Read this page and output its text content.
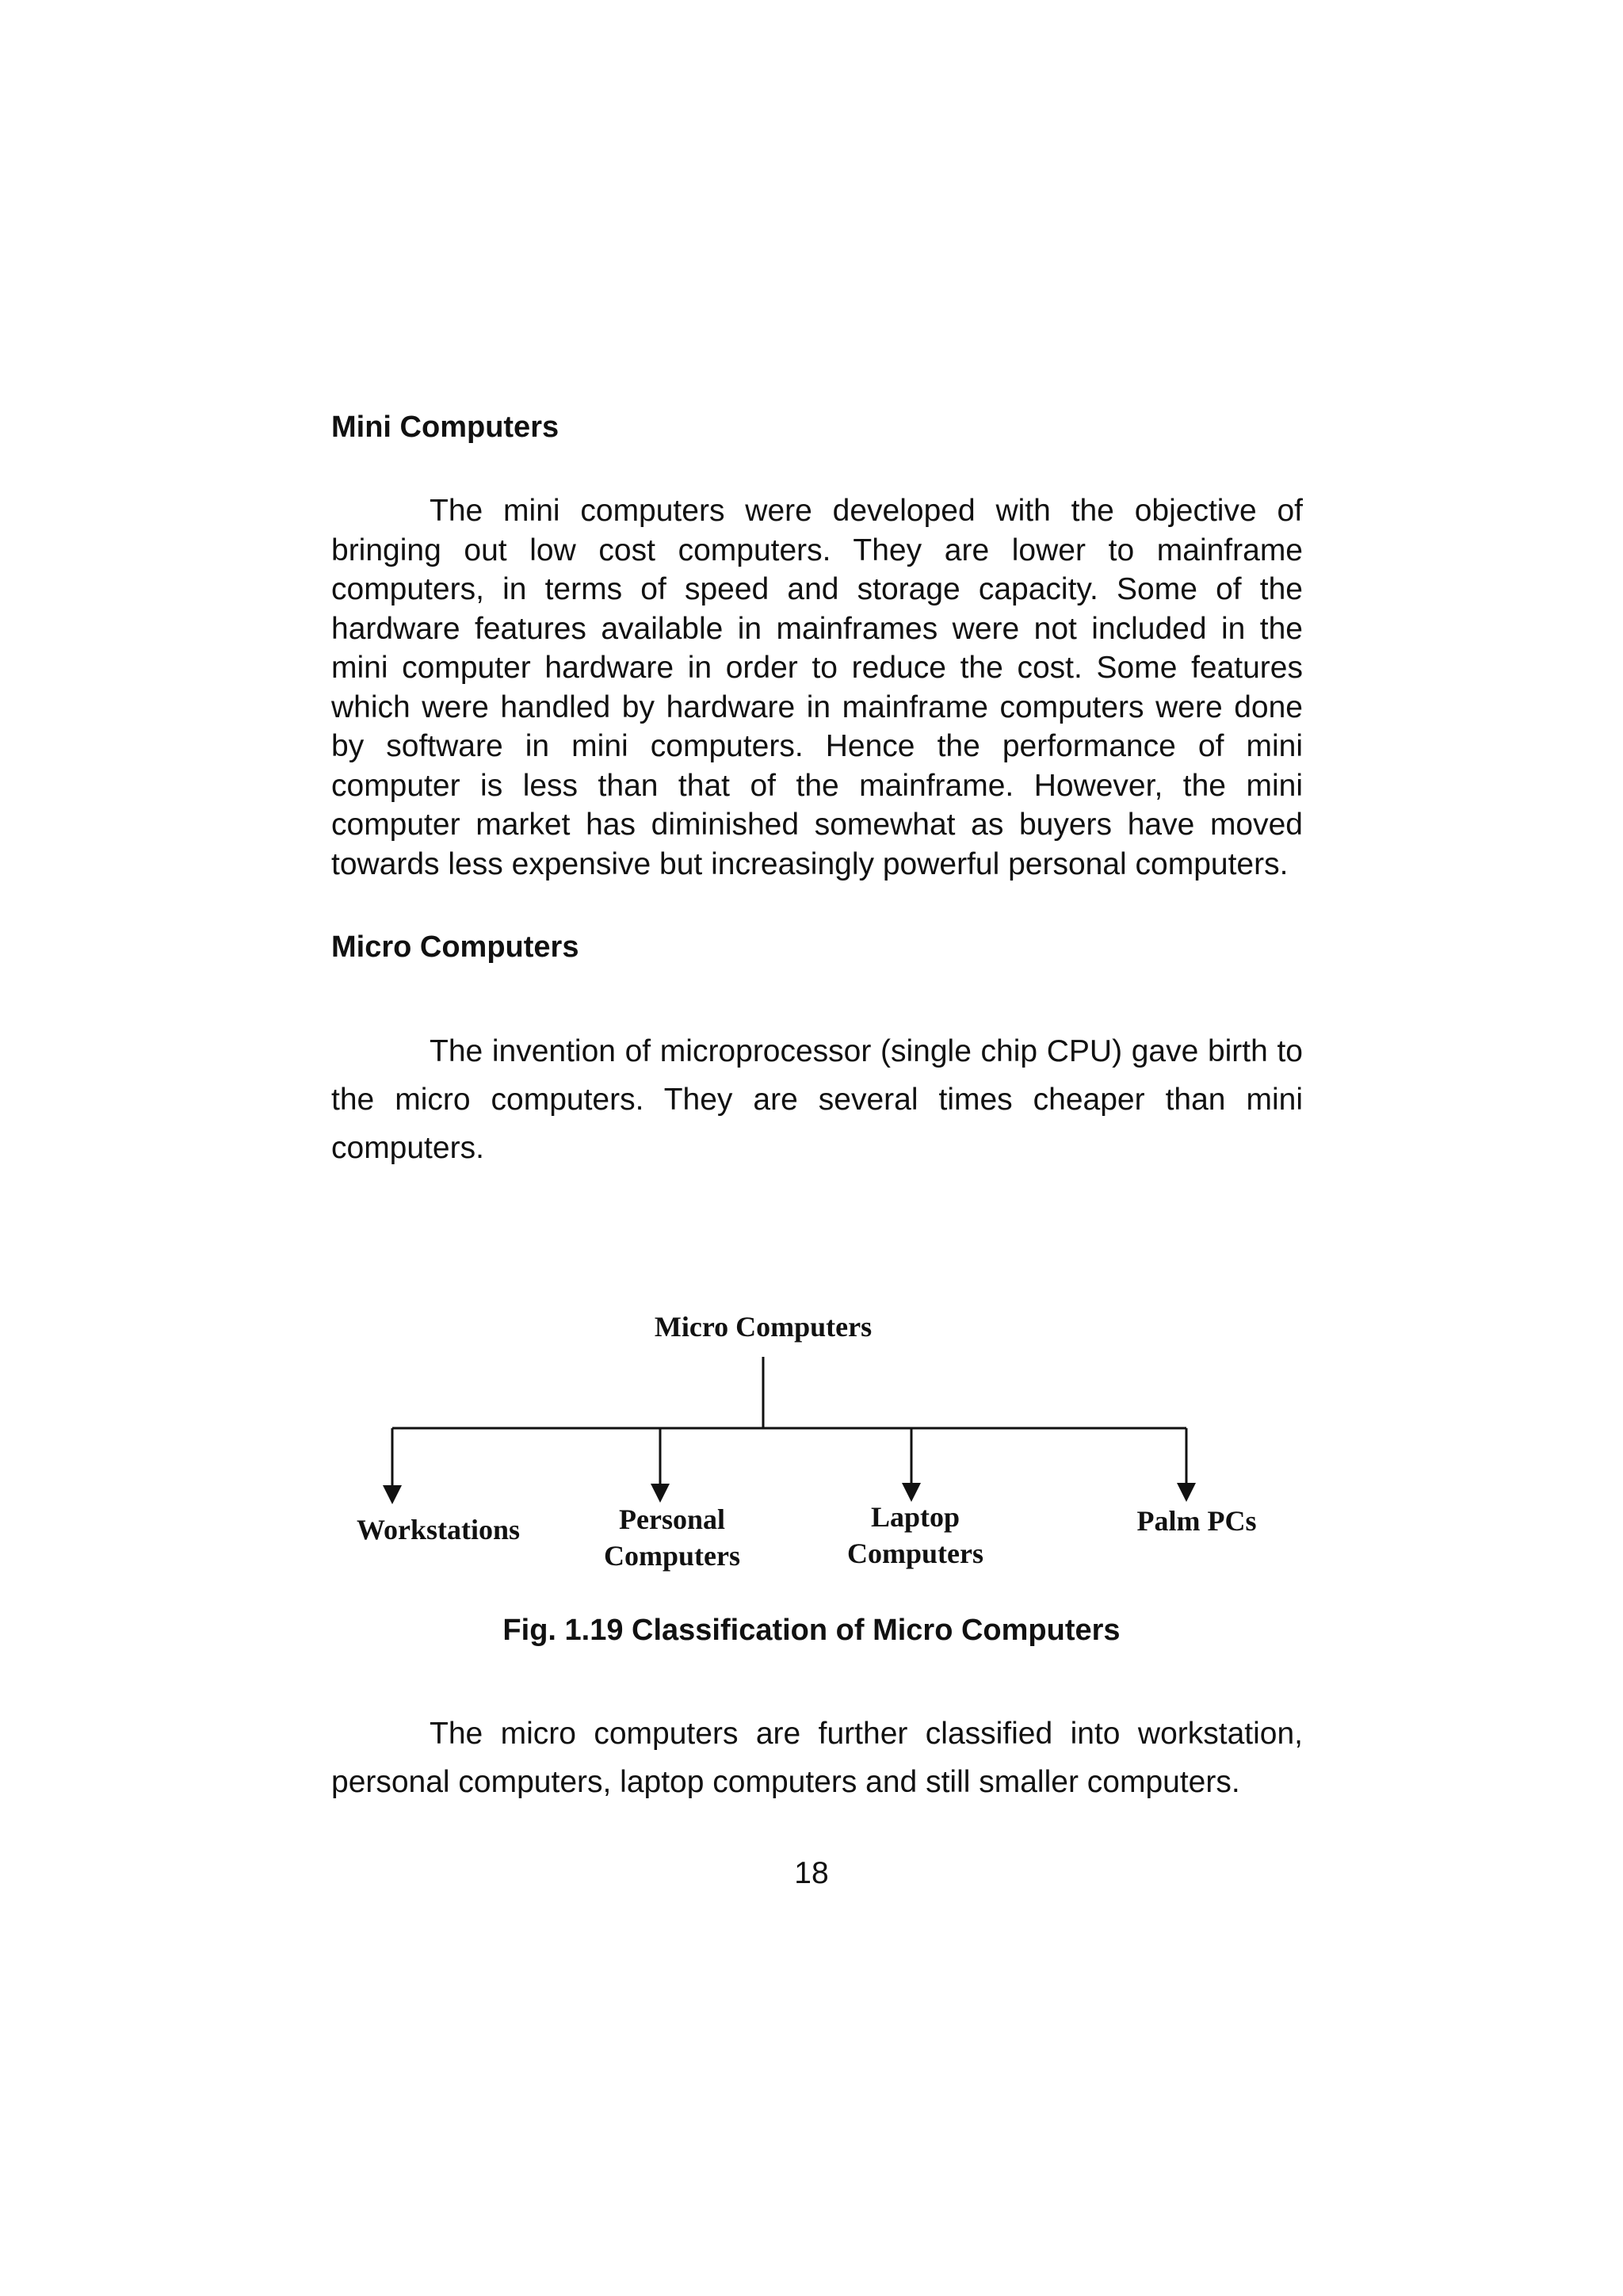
Mini Computers

The mini computers were developed with the objective of bringing out low cost computers. They are lower to mainframe computers, in terms of speed and storage capacity. Some of the hardware features available in mainframes were not included in the mini computer hardware in order to reduce the cost. Some features which were handled by hardware in mainframe computers were done by software in mini computers. Hence the performance of mini computer is less than that of the mainframe. However, the mini computer market has diminished somewhat as buyers have moved towards less expensive but increasingly powerful personal computers.

Micro Computers

The invention of microprocessor (single chip CPU) gave birth to the micro computers. They are several times cheaper than mini computers.

Micro Computers
Workstations	Personal
Computers
Laptop
Computers
Palm PCs

Fig. 1.19 Classification of Micro Computers

The micro computers are further classified into workstation, personal computers, laptop computers and still smaller computers.

18
